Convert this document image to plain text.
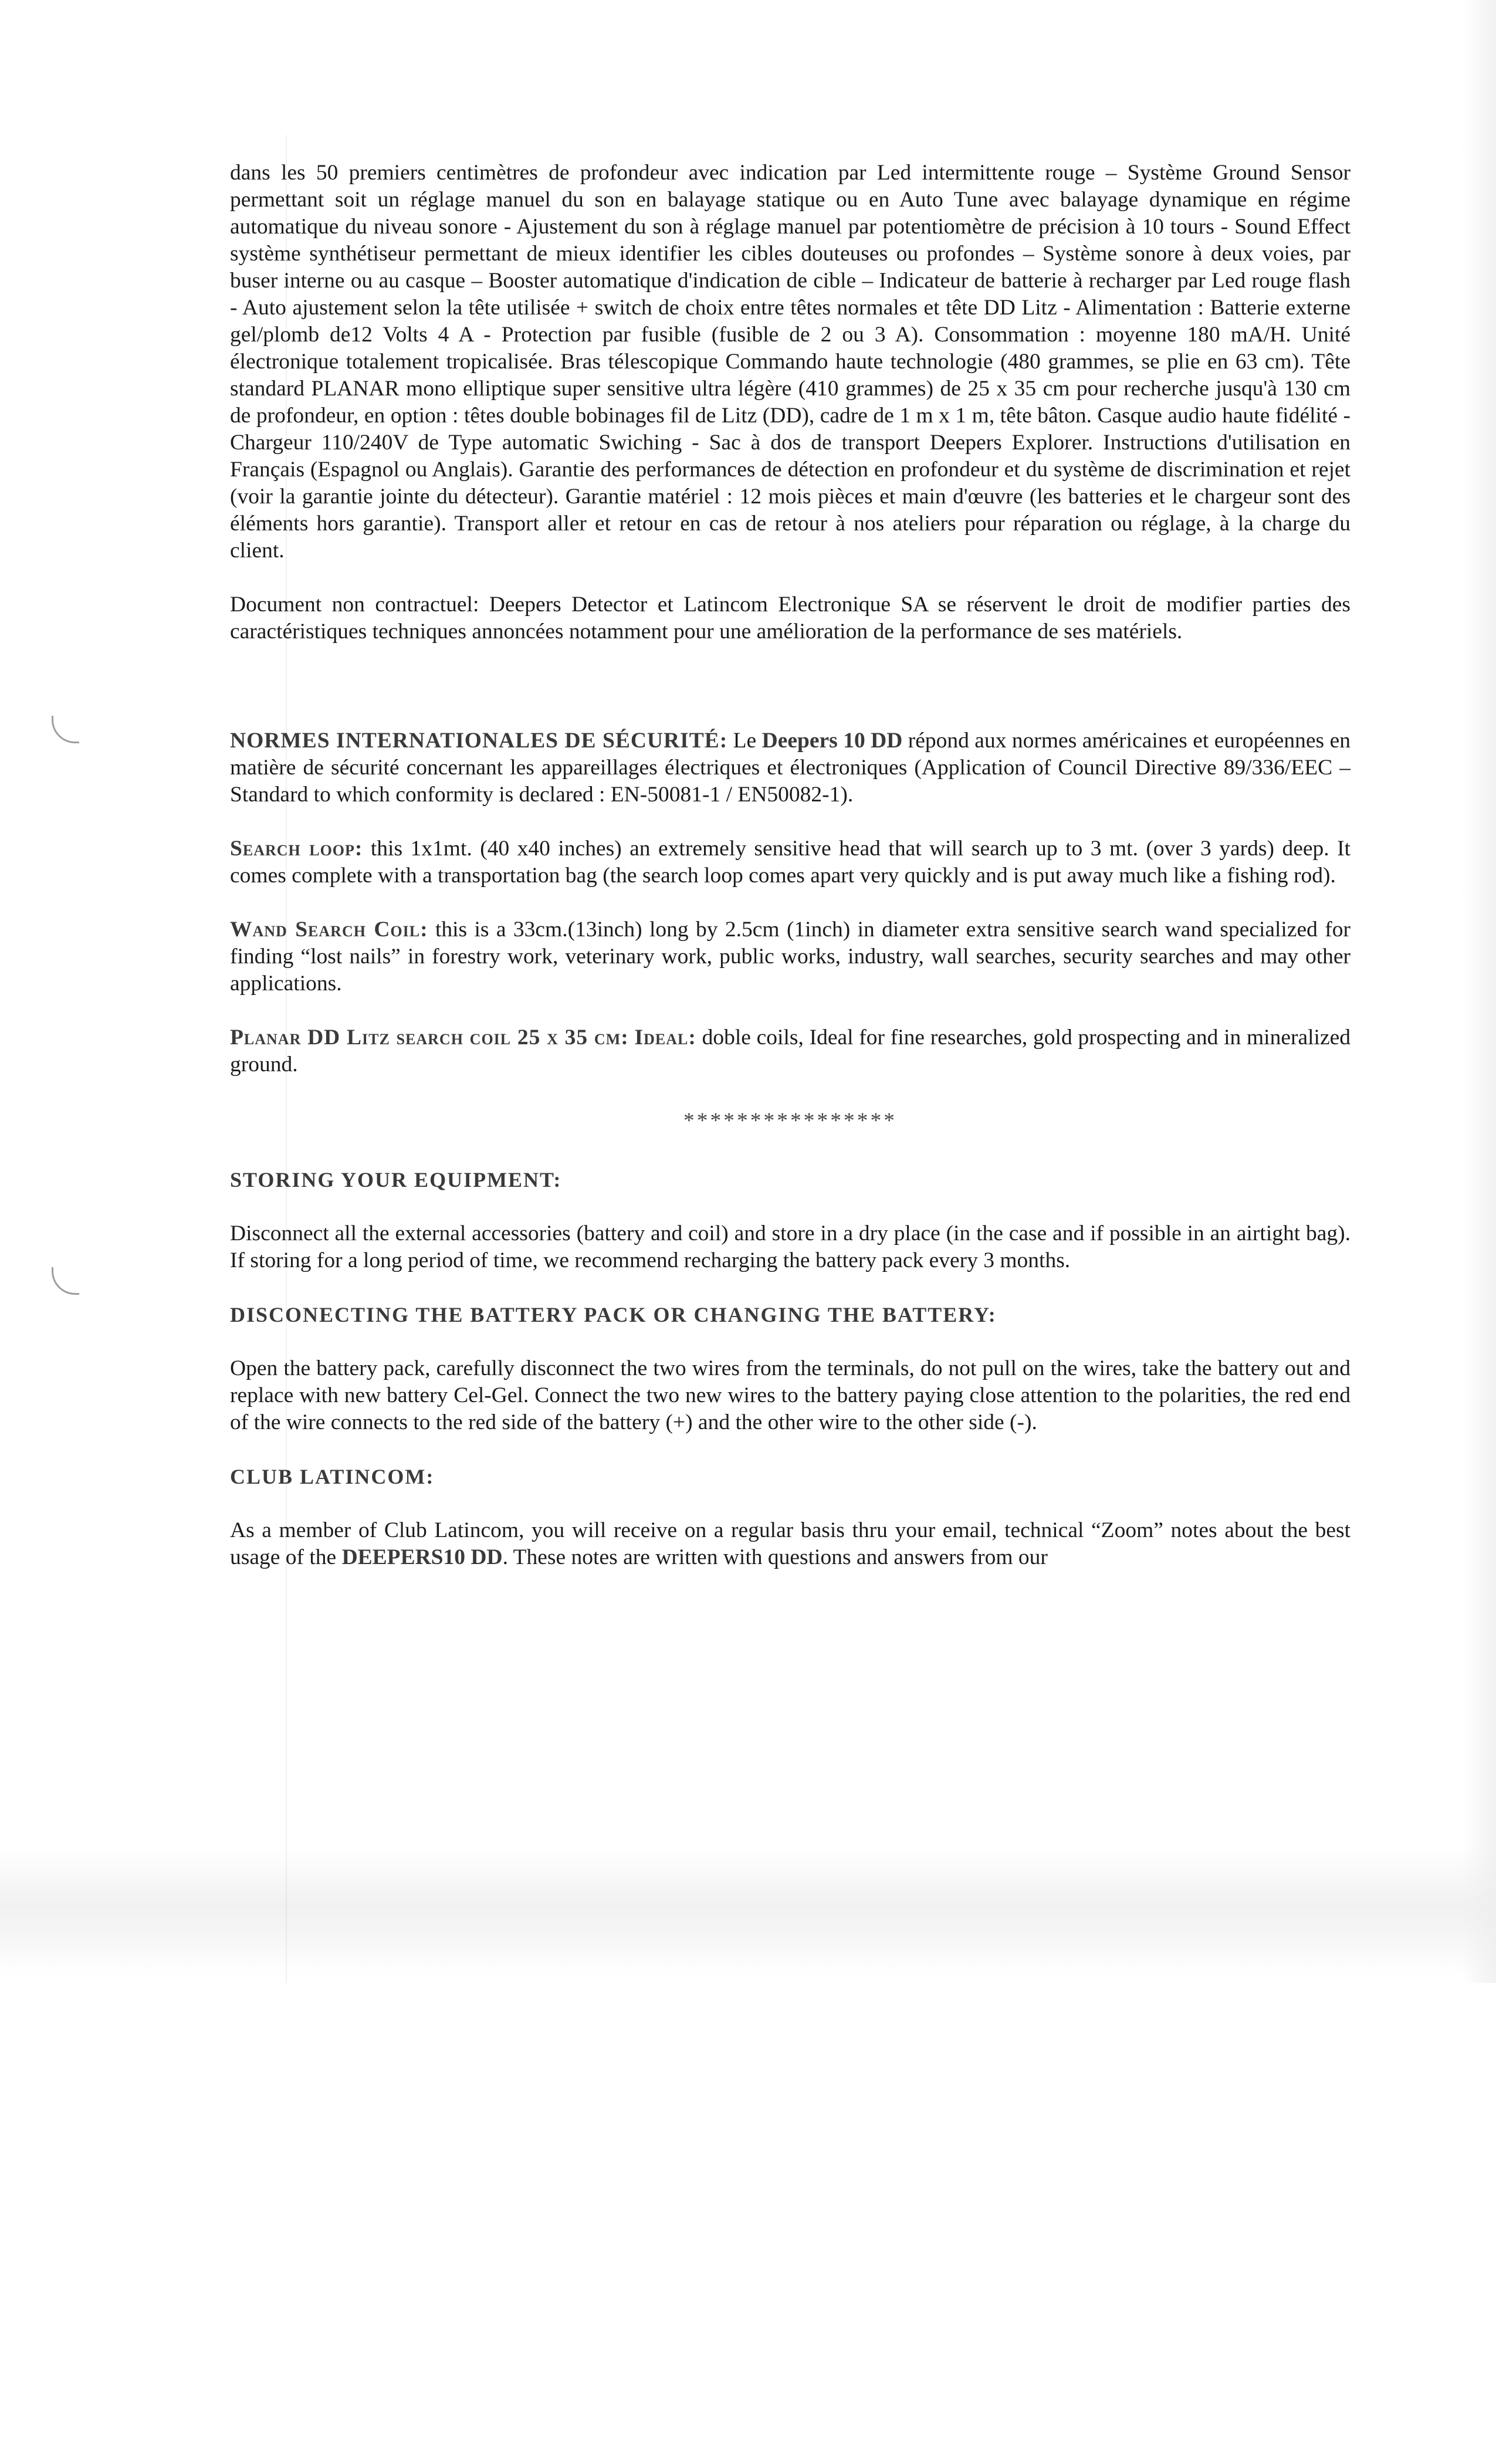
dans les 50 premiers centimètres de profondeur avec indication par Led intermittente rouge – Système Ground Sensor permettant soit un réglage manuel du son en balayage statique ou en Auto Tune avec balayage dynamique en régime automatique du niveau sonore - Ajustement du son à réglage manuel par potentiomètre de précision à 10 tours - Sound Effect système synthétiseur permettant de mieux identifier les cibles douteuses ou profondes – Système sonore à deux voies, par buser interne ou au casque – Booster automatique d'indication de cible – Indicateur de batterie à recharger par Led rouge flash - Auto ajustement selon la tête utilisée + switch de choix entre têtes normales et tête DD Litz - Alimentation : Batterie externe gel/plomb de12 Volts 4 A - Protection par fusible (fusible de 2 ou 3 A). Consommation : moyenne 180 mA/H. Unité électronique totalement tropicalisée. Bras télescopique Commando haute technologie (480 grammes, se plie en 63 cm). Tête standard PLANAR mono elliptique super sensitive ultra légère (410 grammes) de 25 x 35 cm pour recherche jusqu'à 130 cm de profondeur, en option : têtes double bobinages fil de Litz (DD), cadre de 1 m x 1 m, tête bâton. Casque audio haute fidélité - Chargeur 110/240V de Type automatic Swiching - Sac à dos de transport Deepers Explorer. Instructions d'utilisation en Français (Espagnol ou Anglais). Garantie des performances de détection en profondeur et du système de discrimination et rejet (voir la garantie jointe du détecteur). Garantie matériel : 12 mois pièces et main d'œuvre (les batteries et le chargeur sont des éléments hors garantie). Transport aller et retour en cas de retour à nos ateliers pour réparation ou réglage, à la charge du client.

Document non contractuel: Deepers Detector et Latincom Electronique SA se réservent le droit de modifier parties des caractéristiques techniques annoncées notamment pour une amélioration de la performance de ses matériels.

NORMES INTERNATIONALES DE SÉCURITÉ: Le Deepers 10 DD répond aux normes américaines et européennes en matière de sécurité concernant les appareillages électriques et électroniques (Application of Council Directive 89/336/EEC – Standard to which conformity is declared : EN-50081-1 / EN50082-1).

Search loop: this 1x1mt. (40 x40 inches) an extremely sensitive head that will search up to 3 mt. (over 3 yards) deep. It comes complete with a transportation bag (the search loop comes apart very quickly and is put away much like a fishing rod).

Wand Search Coil: this is a 33cm.(13inch) long by 2.5cm (1inch) in diameter extra sensitive search wand specialized for finding “lost nails” in forestry work, veterinary work, public works, industry, wall searches, security searches and may other applications.

Planar DD Litz search coil 25 x 35 cm: Ideal: doble coils, Ideal for fine researches, gold prospecting and in mineralized ground.

****************

STORING YOUR EQUIPMENT:

Disconnect all the external accessories (battery and coil) and store in a dry place (in the case and if possible in an airtight bag). If storing for a long period of time, we recommend recharging the battery pack every 3 months.

DISCONECTING THE BATTERY PACK OR CHANGING THE BATTERY:

Open the battery pack, carefully disconnect the two wires from the terminals, do not pull on the wires, take the battery out and replace with new battery Cel-Gel. Connect the two new wires to the battery paying close attention to the polarities, the red end of the wire connects to the red side of the battery (+) and the other wire to the other side (-).

CLUB LATINCOM:

As a member of Club Latincom, you will receive on a regular basis thru your email, technical “Zoom” notes about the best usage of the DEEPERS10 DD. These notes are written with questions and answers from our
